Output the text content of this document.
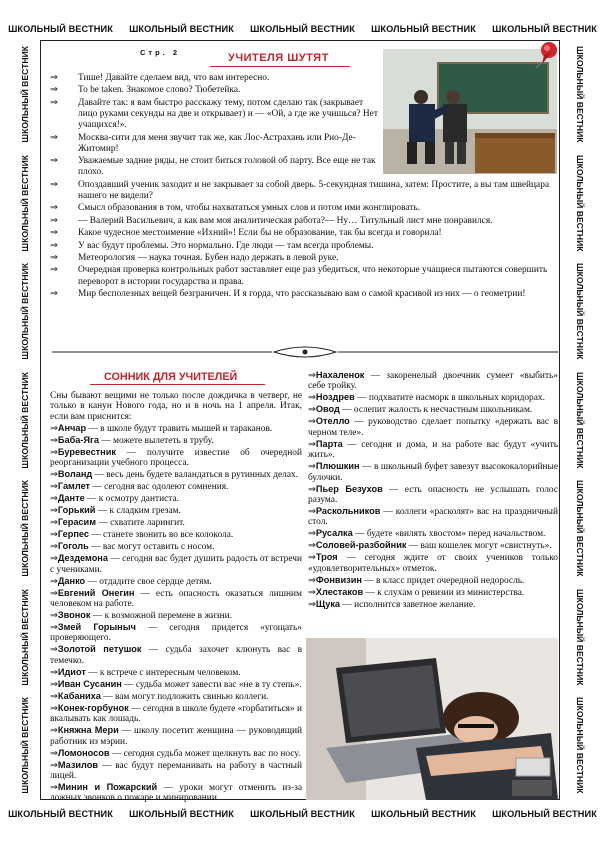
ШКОЛЬНЫЙ ВЕСТНИК ШКОЛЬНЫЙ ВЕСТНИК ШКОЛЬНЫЙ ВЕСТНИК ШКОЛЬНЫЙ ВЕСТНИК ШКОЛЬНЫЙ ВЕСТНИК
ШКОЛЬНЫЙ ВЕСТНИК ШКОЛЬНЫЙ ВЕСТНИК ШКОЛЬНЫЙ ВЕСТНИК ШКОЛЬНЫЙ ВЕСТНИК ШКОЛЬНЫЙ ВЕСТНИК
ШКОЛЬНЫЙ ВЕСТНИК
ШКОЛЬНЫЙ ВЕСТНИК
ШКОЛЬНЫЙ ВЕСТНИК
ШКОЛЬНЫЙ ВЕСТНИК
ШКОЛЬНЫЙ ВЕСТНИК
ШКОЛЬНЫЙ ВЕСТНИК
ШКОЛЬНЫЙ ВЕСТНИК
ШКОЛЬНЫЙ ВЕСТНИК
ШКОЛЬНЫЙ ВЕСТНИК
ШКОЛЬНЫЙ ВЕСТНИК
ШКОЛЬНЫЙ ВЕСТНИК
ШКОЛЬНЫЙ ВЕСТНИК
ШКОЛЬНЫЙ ВЕСТНИК
ШКОЛЬНЫЙ ВЕСТНИК
Стр. 2	УЧИТЕЛЯ ШУТЯТ
⇒ Тише! Давайте сделаем вид, что вам интересно.
⇒ To be taken. Знакомое слово? Тюбетейка.
⇒ Давайте так: я вам быстро расскажу тему, потом сделаю так (закрывает лицо руками секунды на две и открывает) и — «Ой, а где же учишься? Нет учащихся!».
⇒ Москва-сити для меня звучит так же, как Лос-Астрахань или Рио-Де-Житомир!
⇒ Уважаемые задние ряды, не стоит биться головой об парту. Все еще не так плохо.
⇒ Опоздавший ученик заходит и не закрывает за собой дверь. 5-секундная тишина, затем: Простите, а вы там швейцара нашего не видели?
⇒ Смысл образования в том, чтобы нахвататься умных слов и потом ими жонглировать.
⇒ — Валерий Васильевич, а как вам моя аналитическая работа?— Ну… Титульный лист мне понравился.
⇒ Какое чудесное местоимение «Ихний»! Если бы не образование, так бы всегда и говорила!
⇒ У вас будут проблемы. Это нормально. Где люди — там всегда проблемы.
⇒ Метеорология — наука точная. Бубен надо держать в левой руке.
⇒ Очередная проверка контрольных работ заставляет еще раз убедиться, что некоторые учащиеся пытаются совершить переворот в истории государства и права.
⇒ Мир бесполезных вещей безграничен. И я горда, что рассказываю вам о самой красивой из них — о геометрии!
СОННИК ДЛЯ УЧИТЕЛЕЙ

Сны бывают вещими не только после дождичка в четверг, не только в канун Нового года, но и в ночь на 1 апреля. Итак, если вам приснится:

⇒Анчар — в школе будут травить мышей и тараканов.

⇒Баба-Яга — можете вылететь в трубу.

⇒Буревестник — получите известие об очередной реорганизации учебного процесса.

⇒Воланд — весь день будете валандаться в рутинных делах.

⇒Гамлет — сегодня вас одолеют сомнения.

⇒Данте — к осмотру дантиста.

⇒Горький — к сладким грезам.

⇒Герасим — схватите ларингит.

⇒Герпес — станете звонить во все колокола.

⇒Гоголь — вас могут оставить с носом.

⇒Дездемона — сегодня вас будет душить радость от встречи с учениками.

⇒Данко — отдадите свое сердце детям.

⇒Евгений Онегин — есть опасность оказаться лишним человеком на работе.

⇒Звонок — к возможной перемене в жизни.

⇒Змей Горыныч — сегодня придется «угощать» проверяющего.

⇒Золотой петушок — судьба захочет клюнуть вас в темечко.

⇒Идиот — к встрече с интересным человеком.

⇒Иван Сусанин — судьба может завести вас «не в ту степь».

⇒Кабаниха — вам могут подложить свинью коллеги.

⇒Конек-горбунок — сегодня в школе будете «горбатиться» и вкалывать как лошадь.

⇒Княжна Мери — школу посетит женщина — руководящий работник из мэрии.

⇒Ломоносов — сегодня судьба может щелкнуть вас по носу.

⇒Мазилов — вас будут переманивать на работу в частный лицей.

⇒Минин и Пожарский — уроки могут отменить из-за ложных звонков о пожаре и минировании

⇒Нахаленок — закоренелый двоечник сумеет «выбить» себе тройку.

⇒Ноздрев — подхватите насморк в школьных коридорах.

⇒Овод — ослепит жалость к несчастным школьникам.

⇒Отелло — руководство сделает попытку «держать вас в черном теле».

⇒Парта — сегодня и дома, и на работе вас будут «учить жить».

⇒Плюшкин — в школьный буфет завезут высококалорийные булочки.

⇒Пьер Безухов — есть опасность не услышать голос разума.

⇒Раскольников — коллеги «расколят» вас на праздничный стол.

⇒Русалка — будете «вилять хвостом» перед начальством.

⇒Соловей-разбойник — ваш кошелек могут «свистнуть».

⇒Троя — сегодня ждите от своих учеников только «удовлетворительных» отметок.

⇒Фонвизин — в класс придет очередной недоросль.

⇒Хлестаков — к слухам о ревизии из министерства.

⇒Щука — исполнится заветное желание.
